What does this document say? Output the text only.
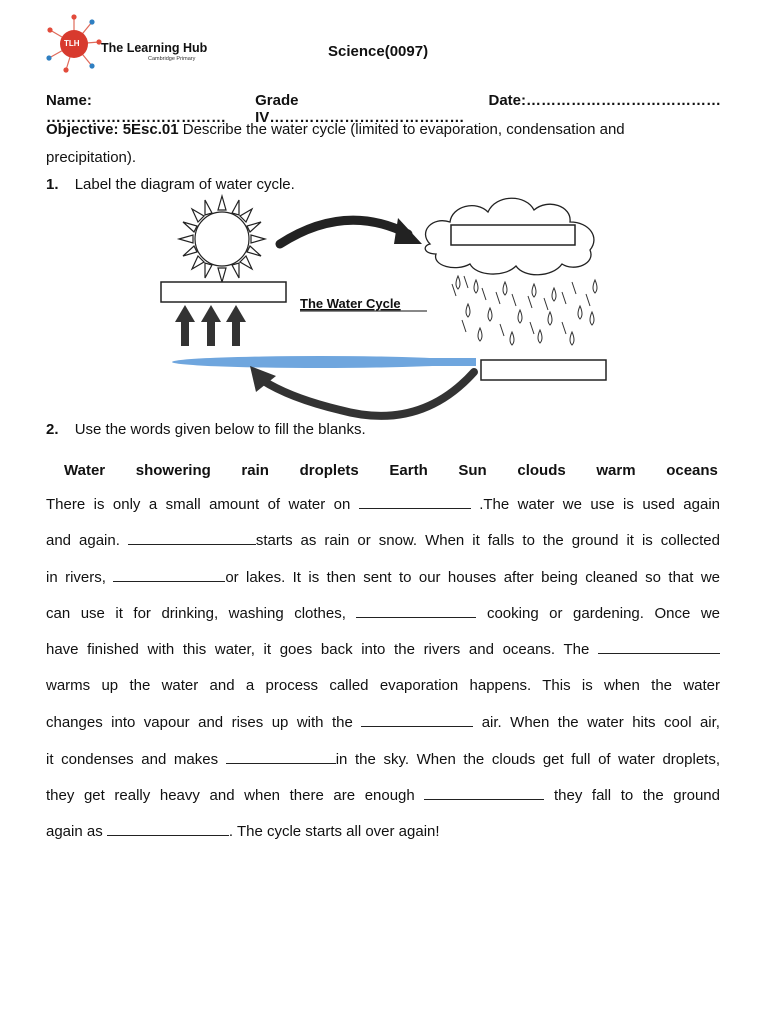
TLH The Learning Hub
Cambridge Primary	Science(0097)
Name: ………………………………
Grade IV…………………………………
Date:…………………………………
Objective: 5Esc.01 Describe the water cycle (limited to evaporation, condensation and
precipitation).
1. Label the diagram of water cycle.
The Water Cycle
2. Use the words given below to fill the blanks.
Water showering rain droplets Earth Sun clouds warm oceans
There is only a small amount of water on	.The water we use is used again
and again.	starts as rain or snow. When it falls to the ground it is collected
in rivers,	or lakes. It is then sent to our houses after being cleaned so that we
can use it for drinking, washing clothes,	cooking or gardening. Once we
have finished with this water, it goes back into the rivers and oceans. The
warms up the water and a process called evaporation happens. This is when the water
changes into vapour and rises up with the	air. When the water hits cool air,
it condenses and makes	in the sky. When the clouds get full of water droplets,
they get really heavy and when there are enough	they fall to the ground
again as	. The cycle starts all over again!
